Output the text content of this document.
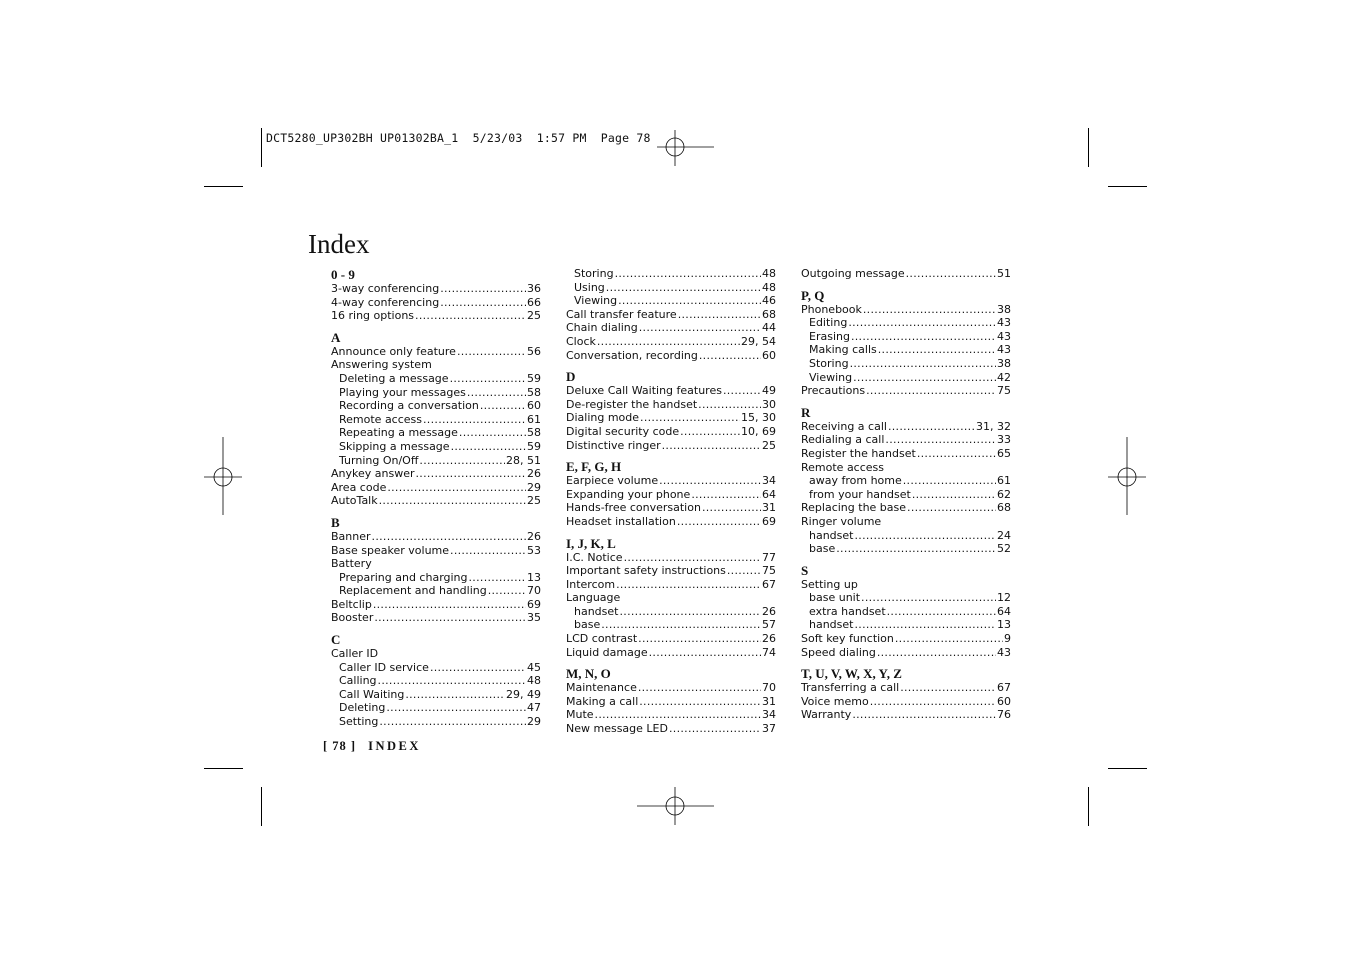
DCT5280_UP302BH UP01302BA_1  5/23/03  1:57 PM  Page 78
Index
0 - 9
3-way conferencing .....	36
4-way conferencing .....	66
16 ring options .....	25
A
Announce only feature .....	56
Answering system
Deleting a message .....	59
Playing your messages .....	58
Recording a conversation .....	60
Remote access .....	61
Repeating a message .....	58
Skipping a message .....	59
Turning On/Off .....	28, 51
Anykey answer .....	26
Area code .....	29
AutoTalk .....	25
B
Banner .....	26
Base speaker volume .....	53
Battery
Preparing and charging .....	13
Replacement and handling .....	70
Beltclip .....	69
Booster .....	35
C
Caller ID
Caller ID service .....	45
Calling .....	48
Call Waiting .....	29, 49
Deleting .....	47
Setting .....	29
Storing .....	48
Using .....	48
Viewing .....	46
Call transfer feature .....	68
Chain dialing .....	44
Clock .....	29, 54
Conversation, recording .....	60
D
Deluxe Call Waiting features .....	49
De-register the handset .....	30
Dialing mode .....	15, 30
Digital security code .....	10, 69
Distinctive ringer .....	25
E, F, G, H
Earpiece volume .....	34
Expanding your phone .....	64
Hands-free conversation .....	31
Headset installation .....	69
I, J, K, L
I.C. Notice .....	77
Important safety instructions .....	75
Intercom .....	67
Language
handset .....	26
base .....	57
LCD contrast .....	26
Liquid damage .....	74
M, N, O
Maintenance .....	70
Making a call .....	31
Mute .....	34
New message LED .....	37
Outgoing message .....	51
P, Q
Phonebook .....	38
Editing .....	43
Erasing .....	43
Making calls .....	43
Storing .....	38
Viewing .....	42
Precautions .....	75
R
Receiving a call .....	31, 32
Redialing a call .....	33
Register the handset .....	65
Remote access
away from home .....	61
from your handset .....	62
Replacing the base .....	68
Ringer volume
handset .....	24
base .....	52
S
Setting up
base unit .....	12
extra handset .....	64
handset .....	13
Soft key function .....	9
Speed dialing .....	43
T, U, V, W, X, Y, Z
Transferring a call .....	67
Voice memo .....	60
Warranty .....	76
[ 78 ] INDEX
